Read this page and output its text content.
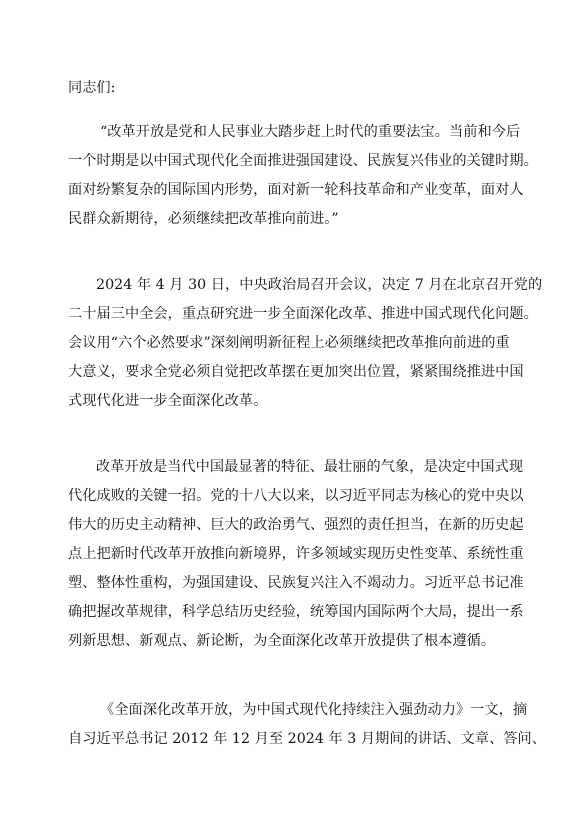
同志们:
“改革开放是党和人民事业大踏步赶上时代的重要法宝。当前和今后
一个时期是以中国式现代化全面推进强国建设、民族复兴伟业的关键时期。
面对纷繁复杂的国际国内形势，面对新一轮科技革命和产业变革，面对人
民群众新期待，必须继续把改革推向前进。”
2024 年 4 月 30 日，中央政治局召开会议，决定 7 月在北京召开党的
二十届三中全会，重点研究进一步全面深化改革、推进中国式现代化问题。
会议用“六个必然要求”深刻阐明新征程上必须继续把改革推向前进的重
大意义，要求全党必须自觉把改革摆在更加突出位置，紧紧围绕推进中国
式现代化进一步全面深化改革。
改革开放是当代中国最显著的特征、最壮丽的气象，是决定中国式现
代化成败的关键一招。党的十八大以来，以习近平同志为核心的党中央以
伟大的历史主动精神、巨大的政治勇气、强烈的责任担当，在新的历史起
点上把新时代改革开放推向新境界，许多领域实现历史性变革、系统性重
塑、整体性重构，为强国建设、民族复兴注入不竭动力。习近平总书记准
确把握改革规律，科学总结历史经验，统筹国内国际两个大局，提出一系
列新思想、新观点、新论断，为全面深化改革开放提供了根本遵循。
《全面深化改革开放，为中国式现代化持续注入强劲动力》一文，摘
自习近平总书记 2012 年 12 月至 2024 年 3 月期间的讲话、文章、答问、
